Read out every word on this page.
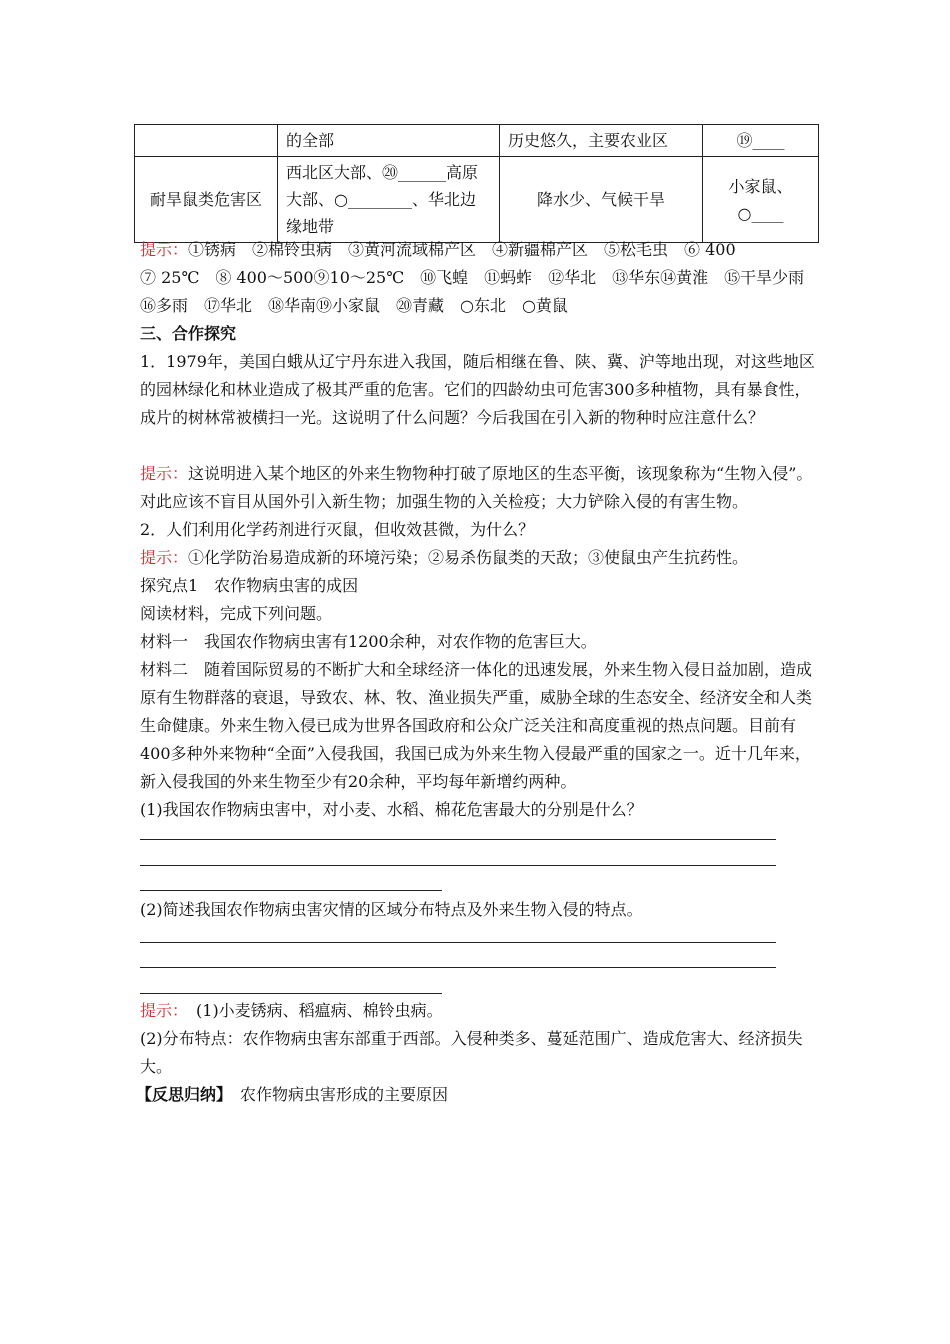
	的全部	历史悠久，主要农业区	⑲____
耐旱鼠类危害区	西北区大部、⑳______高原大部、○________、华北边缘地带	降水少、气候干旱	小家鼠、
○____
提示：①锈病　②棉铃虫病　③黄河流域棉产区　④新疆棉产区　⑤松毛虫　⑥ 400
⑦ 25℃　⑧ 400～500⑨10～25℃　⑩飞蝗　⑪蚂蚱　⑫华北　⑬华东⑭黄淮　⑮干旱少雨
⑯多雨　⑰华北　⑱华南⑲小家鼠　⑳青藏　○东北　○黄鼠
三、合作探究
1．1979年，美国白蛾从辽宁丹东进入我国，随后相继在鲁、陕、冀、沪等地出现，对这些地区的园林绿化和林业造成了极其严重的危害。它们的四龄幼虫可危害300多种植物，具有暴食性，成片的树林常被横扫一光。这说明了什么问题？今后我国在引入新的物种时应注意什么？
提示：这说明进入某个地区的外来生物物种打破了原地区的生态平衡，该现象称为“生物入侵”。对此应该不盲目从国外引入新生物；加强生物的入关检疫；大力铲除入侵的有害生物。
2．人们利用化学药剂进行灭鼠，但收效甚微，为什么？
提示：①化学防治易造成新的环境污染；②易杀伤鼠类的天敌；③使鼠虫产生抗药性。
探究点1　农作物病虫害的成因
阅读材料，完成下列问题。
材料一　我国农作物病虫害有1200余种，对农作物的危害巨大。
材料二　随着国际贸易的不断扩大和全球经济一体化的迅速发展，外来生物入侵日益加剧，造成原有生物群落的衰退，导致农、林、牧、渔业损失严重，威胁全球的生态安全、经济安全和人类生命健康。外来生物入侵已成为世界各国政府和公众广泛关注和高度重视的热点问题。目前有400多种外来物种“全面”入侵我国，我国已成为外来生物入侵最严重的国家之一。近十几年来，新入侵我国的外来生物至少有20余种，平均每年新增约两种。
(1)我国农作物病虫害中，对小麦、水稻、棉花危害最大的分别是什么？
(2)简述我国农作物病虫害灾情的区域分布特点及外来生物入侵的特点。
提示：　(1)小麦锈病、稻瘟病、棉铃虫病。
(2)分布特点：农作物病虫害东部重于西部。入侵种类多、蔓延范围广、造成危害大、经济损失大。
【反思归纳】　农作物病虫害形成的主要原因
